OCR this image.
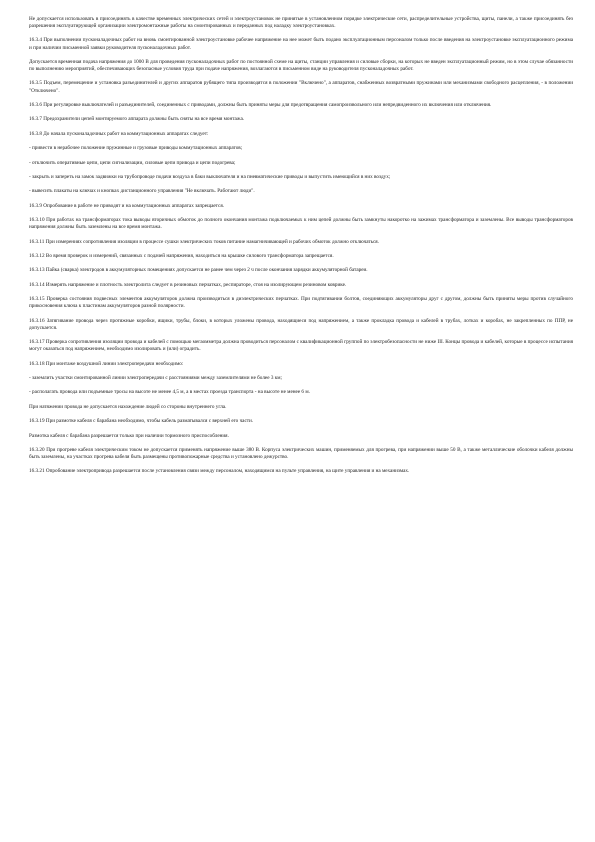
Не допускается использовать в присоединять в качестве временных электрических сетей и электроустановок не принятые в установленном порядке электрические сети, распределительные устройства, щиты, панели, а также присоединять без разрешения эксплуатирующей организации электромонтажные работы на смонтированных и переданных под наладку электроустановках.

16.3.4 При выполнении пусконаладочных работ на вновь смонтированной электроустановке рабочее напряжение на нее может быть подано эксплуатационным персоналом только после введения на электроустановке эксплуатационного режима и при наличии письменной заявки руководителя пусконаладочных работ.

Допускается временная подача напряжения до 1000 В для проведения пусконаладочных работ по постоянной схеме на щиты, станции управления и силовые сборки, на которых не введен эксплуатационный режим, но в этом случае обязанности по выполнению мероприятий, обеспечивающих безопасные условия труда при подаче напряжения, возлагаются в письменном виде на руководителя пусконаладочных работ.

16.3.5 Подъем, перемещение и установка разъединителей и других аппаратов рубящего типа производятся в положении "Включено", а аппаратов, снабженных возвратными пружинами или механизмами свободного расцепления, - в положении "Отключено".

16.3.6 При регулировке выключателей и разъединителей, соединенных с приводами, должны быть приняты меры для предотвращения самопроизвольного или непредвиденного их включения или отключения.

16.3.7 Предохранители цепей монтируемого аппарата должны быть сняты на все время монтажа.

16.3.8 До начала пусконаладочных работ на коммутационных аппаратах следует:

- привести в нерабочее положение пружинные и грузовые приводы коммутационных аппаратов;

- отключить оперативные цепи, цепи сигнализации, силовые цепи привода и цепи подогрева;

- закрыть и запереть на замок задвижки на трубопроводе подачи воздуха в баки выключателя и на пневматические приводы и выпустить имеющийся в них воздух;

- вывесить плакаты на ключах и кнопках дистанционного управления "Не включать. Работают люди".

16.3.9 Опробование в работе не приводят и на коммутационных аппаратах запрещается.

16.3.10 При работах на трансформаторах тока выводы вторичных обмоток до полного окончания монтажа подключаемых к ним цепей должны быть замкнуты накоротко на зажимах трансформатора и заземлены. Все выводы трансформаторов напряжения должны быть заземлены на все время монтажа.

16.3.11 При измерениях сопротивления изоляции в процессе сушки электрических токов питание намагничивающей и рабочих обмоток должно отключаться.

16.3.12 Во время проверок и измерений, связанных с подачей напряжения, находиться на крышке силового трансформатора запрещается.

16.3.13 Пайка (сварка) электродов в аккумуляторных помещениях допускается не ранее чем через 2 ч после окончания зарядки аккумуляторной батареи.

16.3.14 Измерять напряжение и плотность электролита следует в резиновых перчатках, респираторе, стоя на изолирующем резиновом коврике.

16.3.15 Проверка состояния подвесных элементов аккумуляторов должна производиться в диэлектрических перчатках. При подтягивании болтов, соединяющих аккумуляторы друг с другом, должны быть приняты меры против случайного прикосновения ключа к пластинам аккумуляторов разной полярности.

16.3.16 Затягивание провода через протяжные коробки, ящики, трубы, блоки, в которых уложены провода, находящиеся под напряжением, а также прокладка провода и кабелей в трубах, лотках и коробах, не закрепленных по ППР, не допускается.

16.3.17 Проверка сопротивления изоляции провода и кабелей с помощью мегаомметра должна проводиться персоналом с квалификационной группой по электробезопасности не ниже III. Концы провода и кабелей, которые в процессе испытания могут оказаться под напряжением, необходимо изолировать и (или) оградить.

16.3.18 При монтаже воздушной линии электропередачи необходимо:

- заземлить участки смонтированной линии электропередачи с расстояниями между заземлителями не более 3 км;

- располагать провода или подъемные тросы на высоте не менее 4,5 м, а в местах проезда транспорта - на высоте не менее 6 м.

При натяжении провода не допускается нахождение людей со стороны внутреннего угла.

16.3.19 При размотке кабеля с барабана необходимо, чтобы кабель разматывался с верхней его части.

Размотка кабеля с барабана разрешается только при наличии тормозного приспособления.

16.3.20 При прогреве кабеля электрическим током не допускается применять напряжение выше 380 В. Корпуса электрических машин, применяемых для прогрева, при напряжении выше 50 В, а также металлические оболочки кабеля должны быть заземлены, на участках прогрева кабеля быть размещены противопожарные средства и установлено дежурство.

16.3.21 Опробование электропривода разрешается после установления связи между персоналом, находящимся на пульте управления, на щите управления и на механизмах.
